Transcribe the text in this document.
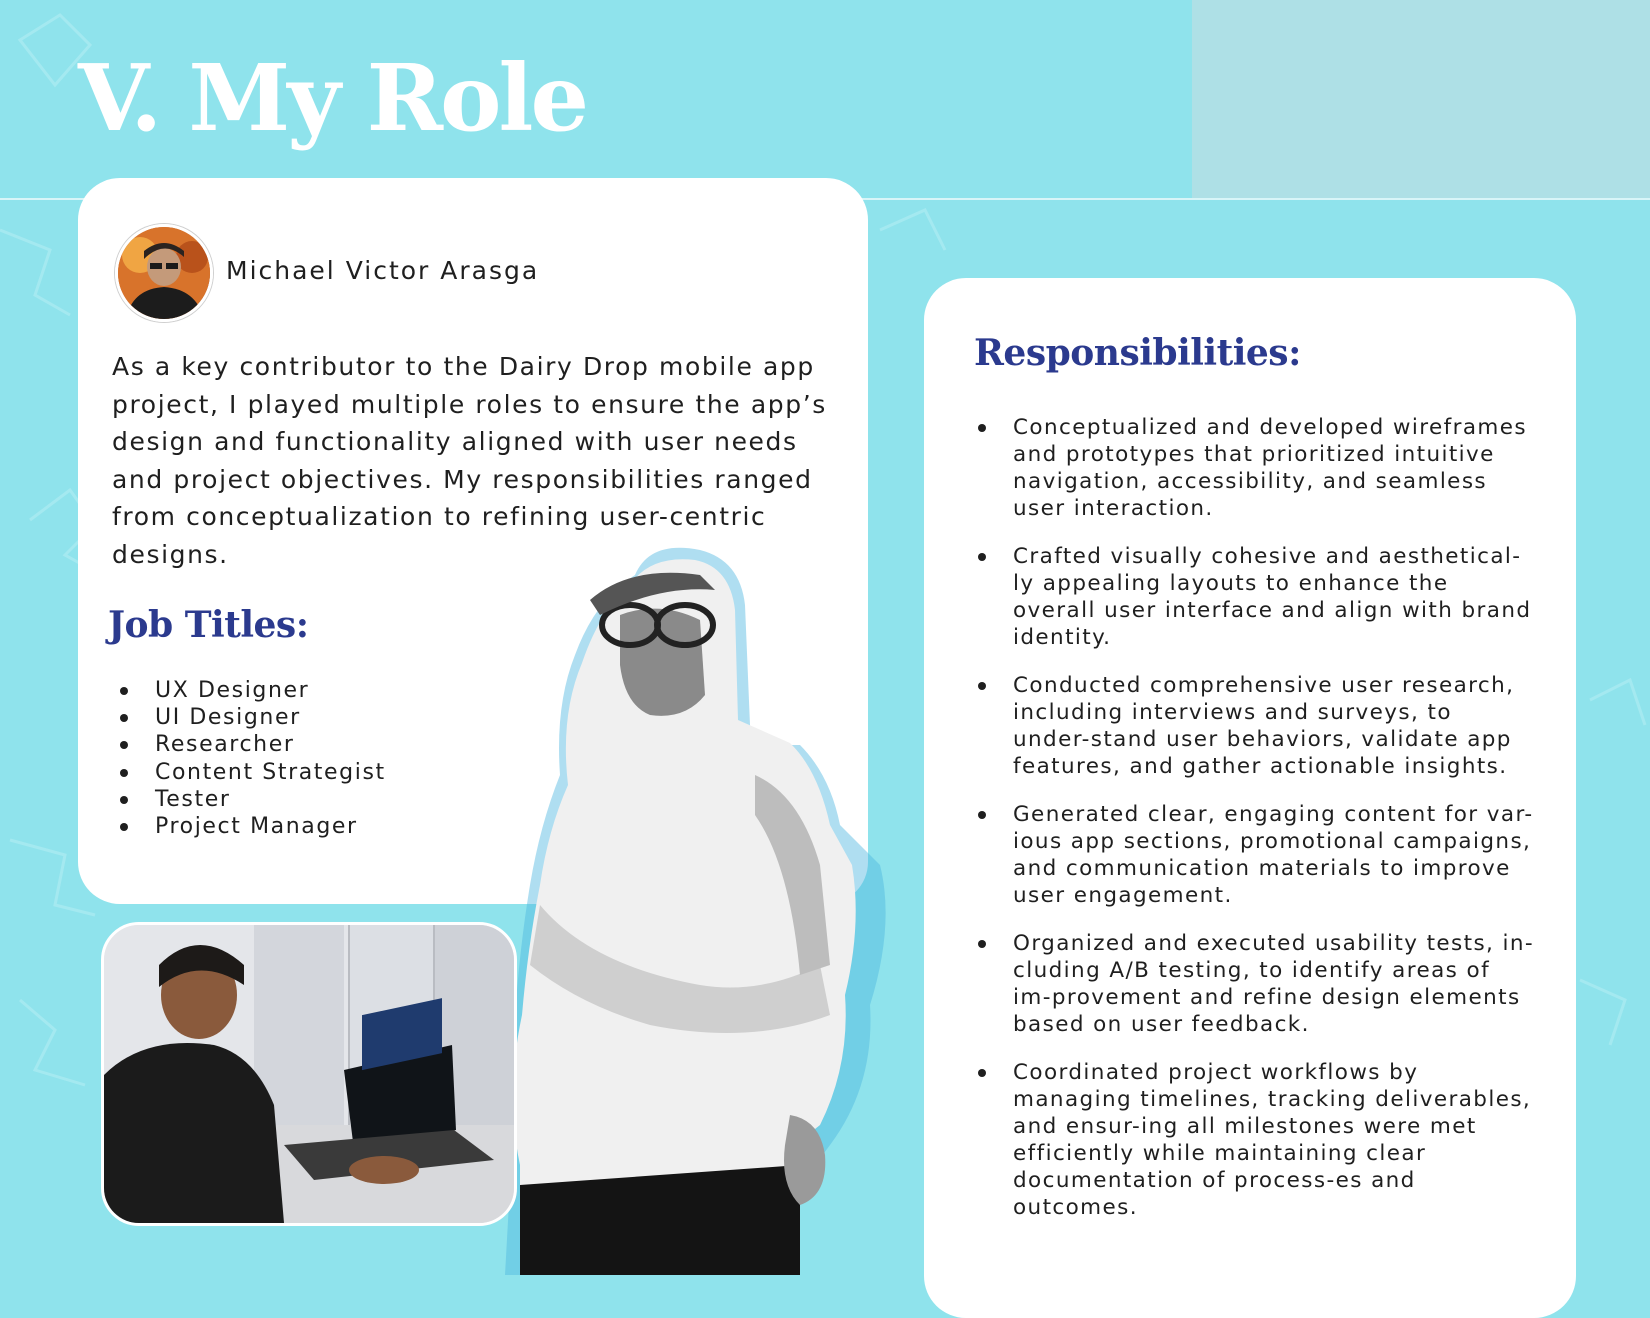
V. My Role
Michael Victor Arasga

As a key contributor to the Dairy Drop mobile app project, I played multiple roles to ensure the app’s design and functionality aligned with user needs and project objectives. My responsibilities ranged from conceptualization to refining user-centric designs.

Job Titles:
UX Designer
UI Designer
Researcher
Content Strategist
Tester
Project Manager
Responsibilities:
Conceptualized and developed wireframes and prototypes that prioritized intuitive navigation, accessibility, and seamless user interaction.
Crafted visually cohesive and aesthetical-ly appealing layouts to enhance the overall user interface and align with brand identity.
Conducted comprehensive user research, including interviews and surveys, to under-stand user behaviors, validate app features, and gather actionable insights.
Generated clear, engaging content for var-ious app sections, promotional campaigns, and communication materials to improve user engagement.
Organized and executed usability tests, in-cluding A/B testing, to identify areas of im-provement and refine design elements based on user feedback.
Coordinated project workflows by managing timelines, tracking deliverables, and ensur-ing all milestones were met efficiently while maintaining clear documentation of process-es and outcomes.
